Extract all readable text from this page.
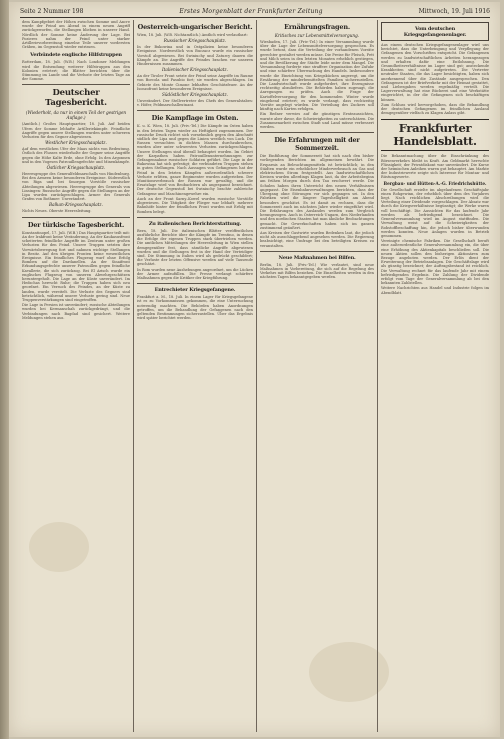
Seite 2 Nummer 198	Erstes Morgenblatt der Frankfurter Zeitung	Mittwoch, 19. Juli 1916

dem Kampfgebiet der Höhen zwischen Somme und Ancre wurde der Feind am Abend in einem neuen Angriff zurückgeworfen, die Stellungen blieben in unserer Hand. Nördlich der Somme keine Änderung der Lage. Bei Pozieres nahm der Feind unter starker Artillerievorbereitung einzelne Teile unserer vordersten Gräben, im Gegenstoß wieder entrissen.

Verbündete englische Hilfstruppen

Rotterdam, 18. Juli. (W.B.) Nach Londoner Meldungen wird die Entsendung weiterer Hilfstruppen aus den Kolonien erörtert; die Blätter berichten über die Stimmung im Lande und die Verluste der letzten Tage an der Somme.

Deutscher Tagesbericht.
(Wiederholt, da nur in einem Teil der gestrigen Auflage.)

(Amtlich.) Großes Hauptquartier, 18. Juli. Auf beiden Ufern der Somme lebhafte Artilleriekämpfe. Feindliche Angriffe gegen unsere Stellungen wurden unter schweren Verlusten für den Gegner abgewiesen.

Westlicher Kriegsschauplatz.

Auf dem westlichen Ufer der Maas nichts von Bedeutung. Östlich des Flusses wiederholte der Gegner seine Angriffe gegen die Höhe Kalte Erde, ohne Erfolg. In den Argonnen und in den Vogesen Patrouillengefechte und Minenkämpfe.

Östlicher Kriegsschauplatz.

Heeresgruppe des Generalfeldmarschalls von Hindenburg. Bei den Armeen keine besonderen Ereignisse. Südwestlich von Riga und bei Smorgon Vorstöße russischer Abteilungen abgewiesen. Heeresgruppe des Generals von Linsingen: Russische Angriffe gegen die Stellungen an der Lipa wurden zurückgeschlagen. Armee des Generals Grafen von Bothmer: Unverändert.

Balkan-Kriegsschauplatz.

Nichts Neues. Oberste Heeresleitung.

Der türkische Tagesbericht.

Konstantinopel, 17. Juli. (W.B.) Das Hauptquartier teilt mit: An der Irakfront keine Veränderung. An der Kaukasusfront scheiterten feindliche Angriffe im Zentrum unter großen Verlusten für den Feind. Unsere Truppen setzten ihre Vorwärtsbewegung fort und nahmen wichtige Stellungen in Besitz. Auf den übrigen Fronten keine wesentlichen Ereignisse. Ein feindliches Flugzeug warf ohne Erfolg Bomben auf die Dardanellen. An der Sinaifront Erkundungsgefechte unserer Patrouillen gegen feindliche Kavallerie, die sich zurückzog. Bei El Arisch wurde ein englisches Flugzeug von unseren Abwehrgeschützen heruntergeholt. Die Lage an der Küste unverändert. Im Hedschas herrscht Ruhe; die Truppen haben sich neu geordnet. Ein Versuch des Feindes, an der Küste zu landen, wurde vereitelt. Die Verluste des Gegners sind beträchtlich, während unsere Verluste gering sind. Neue Truppenverstärkungen sind eingetroffen.

Die Lage in Persien ist unverändert; russische Abteilungen wurden bei Kermanschah zurückgedrängt, und die Verbindungen nach Bagdad sind gesichert. Weitere Meldungen stehen aus.

Oesterreich-ungarischer Bericht.

Wien, 18. Juli. (W.B. Nichtamtlich.) Amtlich wird verlautbart:

Russischer Kriegsschauplatz.

In der Bukowina und in Ostgalizien keine besonderen Ereignisse. Nordwestlich von Buczacz wurde ein russischer Vorstoß abgewiesen. Bei Swiniuchy und Zaturcy dauern die Kämpfe an. Die Angriffe des Feindes brachen vor unseren Hindernissen zusammen.

Italienischer Kriegsschauplatz.

An der Tiroler Front setzte der Feind seine Angriffe im Raume von Borcola und Pasubio fort; sie wurden abgeschlagen. Im Gebiete des Monte Cimone lebhaftes Geschützfeuer. An der Isonzofront keine besonderen Ereignisse.

Südöstlicher Kriegsschauplatz.

Unverändert. Der Stellvertreter des Chefs des Generalstabes: v. Höfer, Feldmarschalleutnant.

Die Kampflage im Osten.

K. u. K. Wien, 18. Juli. (Priv.-Tel.) Die Kämpfe im Osten haben in den letzten Tagen wieder an Heftigkeit zugenommen. Der russische Druck richtet sich vornehmlich gegen den Abschnitt südlich der Lipa und gegen die Linien westlich von Luck. Die Russen versuchten in dichten Massen durchzubrechen, wurden aber unter schwersten Verlusten zurückgeschlagen. Unsere Stellungen sind überall behauptet worden. Im Gebiet der Karpathen haben Patrouillenunternehmungen zur Gefangennahme russischer Soldaten geführt. Die Lage in der Bukowina hat sich gefestigt; die verbündeten Truppen stehen in guten Stellungen. Nach Aussagen von Gefangenen hat der Feind in den letzten Kämpfen außerordentlich schwere Verluste erlitten, ganze Regimenter wurden aufgerieben. Der Munitionsverbrauch der Russen war gewaltig, und die Ersatzlage wird von Beobachtern als angespannt bezeichnet. Der deutsche Gegenstoß bei Swiniuchy brachte zahlreiche Gefangene und Maschinengewehre ein.

Auch an der Front Sarny–Kowel wurden russische Vorstöße abgewiesen. Die Tätigkeit der Flieger war lebhaft; mehrere Bahnhöfe hinter der feindlichen Front wurden mit Erfolg mit Bomben belegt.

Zu italienischen Berichterstattung.

Bern, 18. Juli. Die italienischen Blätter veröffentlichen ausführliche Berichte über die Kämpfe im Trentino, in denen die Erfolge der eigenen Truppen stark übertrieben werden. Die amtlichen Mitteilungen der Heeresleitung in Wien stellen demgegenüber fest, dass sämtliche Angriffe abgewiesen wurden und die Stellungen fest in der Hand der Verteidiger sind. Die Stimmung in Italien wird als gedrückt geschildert; die Verluste der letzten Offensive werden auf viele Tausende geschätzt.

In Rom wurden neue Aushebungen angeordnet, um die Lücken der Armee aufzufüllen. Die Presse verlangt schärfere Maßnahmen gegen die Kritiker der Kriegführung.

Entrechieter Kriegsgefangene.

Frankfurt a. M., 18. Juli. In einem Lager für Kriegsgefangene ist es zu Vorkommnissen gekommen, die eine Untersuchung notwendig machten. Die Behörden haben Anordnungen getroffen, um die Behandlung der Gefangenen nach den geltenden Bestimmungen sicherzustellen. Über das Ergebnis wird später berichtet werden.

Ernährungsfragen.
Kritisches zur Lebensmittelversorgung.

Wiesbaden, 17. Juli. (Priv.-Tel.) In einer Versammlung wurde über die Lage der Lebensmittelversorgung gesprochen. Es wurde betont, dass die Verteilung der vorhandenen Vorräte gerechter gestaltet werden müsse. Die Preise für Fleisch, Fett und Milch seien in den letzten Monaten erheblich gestiegen, und die Bevölkerung der Städte leide unter dem Mangel. Die Versammlung forderte eine straffere Organisation der Zufuhr und eine schärfere Überwachung des Handels. Insbesondere wurde die Einrichtung von Kriegsküchen angeregt, um die Ernährung der minderbemittelten Familien sicherzustellen. Die Landwirtschaft wurde aufgefordert, ihre Erzeugnisse rechtzeitig abzuliefern. Die Behörden haben zugesagt, die Anregungen zu prüfen. Auch die Frage der Kartoffelversorgung für den kommenden Winter wurde eingehend erörtert; es wurde verlangt, dass rechtzeitig Vorräte angelegt würden. Die Verteilung des Zuckers soll künftig nach Karten erfolgen.

Ein Redner verwies auf die günstigen Ernteaussichten, warnte aber davor, die Schwierigkeiten zu unterschätzen. Die Zusammenarbeit zwischen Stadt und Land müsse verbessert werden.

Die Erfahrungen mit der Sommerzeit.

Die Einführung der Sommerzeit hat sich nach den bisher vorliegenden Berichten im allgemeinen bewährt. Die Ersparnis an Beleuchtungsmitteln ist beträchtlich; in den Städten wurde ein erheblicher Minderverbrauch an Gas und elektrischem Strom festgestellt. Aus landwirtschaftlichen Kreisen wurden allerdings Klagen laut, da der Arbeitsbeginn am frühen Morgen durch den Tau erschwert werde. Die Schulen haben ihren Unterricht den neuen Verhältnissen angepasst. Die Eisenbahnverwaltungen berichten, dass der Übergang ohne Störungen vor sich gegangen sei. In den Fabriken wird die längere Tageshelligkeit am Abend besonders geschätzt. Es ist damit zu rechnen, dass die Sommerzeit auch im nächsten Jahre wieder eingeführt wird. Die Erfahrungen des Auslandes werden zum Vergleich herangezogen. Auch in Österreich-Ungarn, den Niederlanden und den nordischen Staaten hat man ähnliche Beobachtungen gemacht. Die Gewerkschaften haben sich im ganzen zustimmend geäußert.

Aus Kreisen der Gastwirte wurden Bedenken laut, die jedoch nicht als ausschlaggebend angesehen werden. Die Regierung beabsichtigt, eine Umfrage bei den beteiligten Kreisen zu veranstalten.

Neue Maßnahmen bei Bilfen.

Berlin, 18. Juli. (Priv.-Tel.) Wie verlautet, sind neue Maßnahmen in Vorbereitung, die sich auf die Regelung des Verkehrs mit Bilfen beziehen. Die Einzelheiten werden in den nächsten Tagen bekanntgegeben werden.

Vom deutschen Kriegsgefangenenlager.

Aus einem deutschen Kriegsgefangenenlager wird uns berichtet, dass die Unterbringung und Verpflegung der Gefangenen den Vorschriften entspricht. Die Gefangenen werden zu landwirtschaftlichen Arbeiten herangezogen und erhalten dafür eine Entlohnung. Die Gesundheitsverhältnisse im Lager sind gut; ansteckende Krankheiten sind nicht aufgetreten. Die Vertreter neutraler Staaten, die das Lager besichtigten, haben sich anerkennend über die Zustände ausgesprochen. Den Gefangenen ist der Briefverkehr mit der Heimat gestattet, und Liebesgaben werden regelmäßig verteilt. Die Lagerverwaltung hat eine Bücherei und eine Werkstätte eingerichtet, in der die Gefangenen sich beschäftigen können.

Zum Schluss wird hervorgehoben, dass die Behandlung der deutschen Gefangenen im feindlichen Ausland demgegenüber vielfach zu Klagen Anlass gibt.

Frankfurter Handelsblatt.

Die Bekanntmachung über die Einschränkung des Börsenverkehrs bleibt in Kraft. Am Geldmarkt herrschte Flüssigkeit; der Privatdiskont war unverändert. Die Kurse der heimischen Anleihen waren gut behauptet. Am Markte der Industriewerte zeigte sich Interesse für Montan- und Rüstungswerte.

Bergbau- und Hütten-A.-G. Friedrichshütte.

Die Gesellschaft erzielte im abgelaufenen Geschäftsjahr einen Rohgewinn, der erheblich über dem des Vorjahres liegt. Nach reichlichen Abschreibungen wird die Verteilung einer Dividende vorgeschlagen. Der Absatz war durch die Kriegsverhältnisse begünstigt; die Werke waren voll beschäftigt. Die Aussichten für das laufende Jahr werden als befriedigend bezeichnet. Die Generalversammlung wird im August stattfinden. Die Verwaltung weist auf die Schwierigkeiten der Rohstoffbeschaffung hin, die jedoch bisher überwunden werden konnten. Neue Anlagen wurden in Betrieb genommen.

Vereinigte chemische Fabriken. Die Gesellschaft beruft eine außerordentliche Generalversammlung ein, die über eine Erhöhung des Aktienkapitals beschließen soll. Die neuen Aktien sollen den bisherigen Aktionären zum Bezuge angeboten werden. Der Erlös dient der Erweiterung der Betriebsanlagen. Die Geschäftslage wird als günstig bezeichnet; der Auftragsbestand ist reichlich. Die Verwaltung rechnet für das laufende Jahr mit einem befriedigenden Ergebnis. Die Zahlung der Dividende erfolgt vom Tage der Generalversammlung ab bei den bekannten Zahlstellen.

Weitere Nachrichten aus Handel und Industrie folgen im Abendblatt.
